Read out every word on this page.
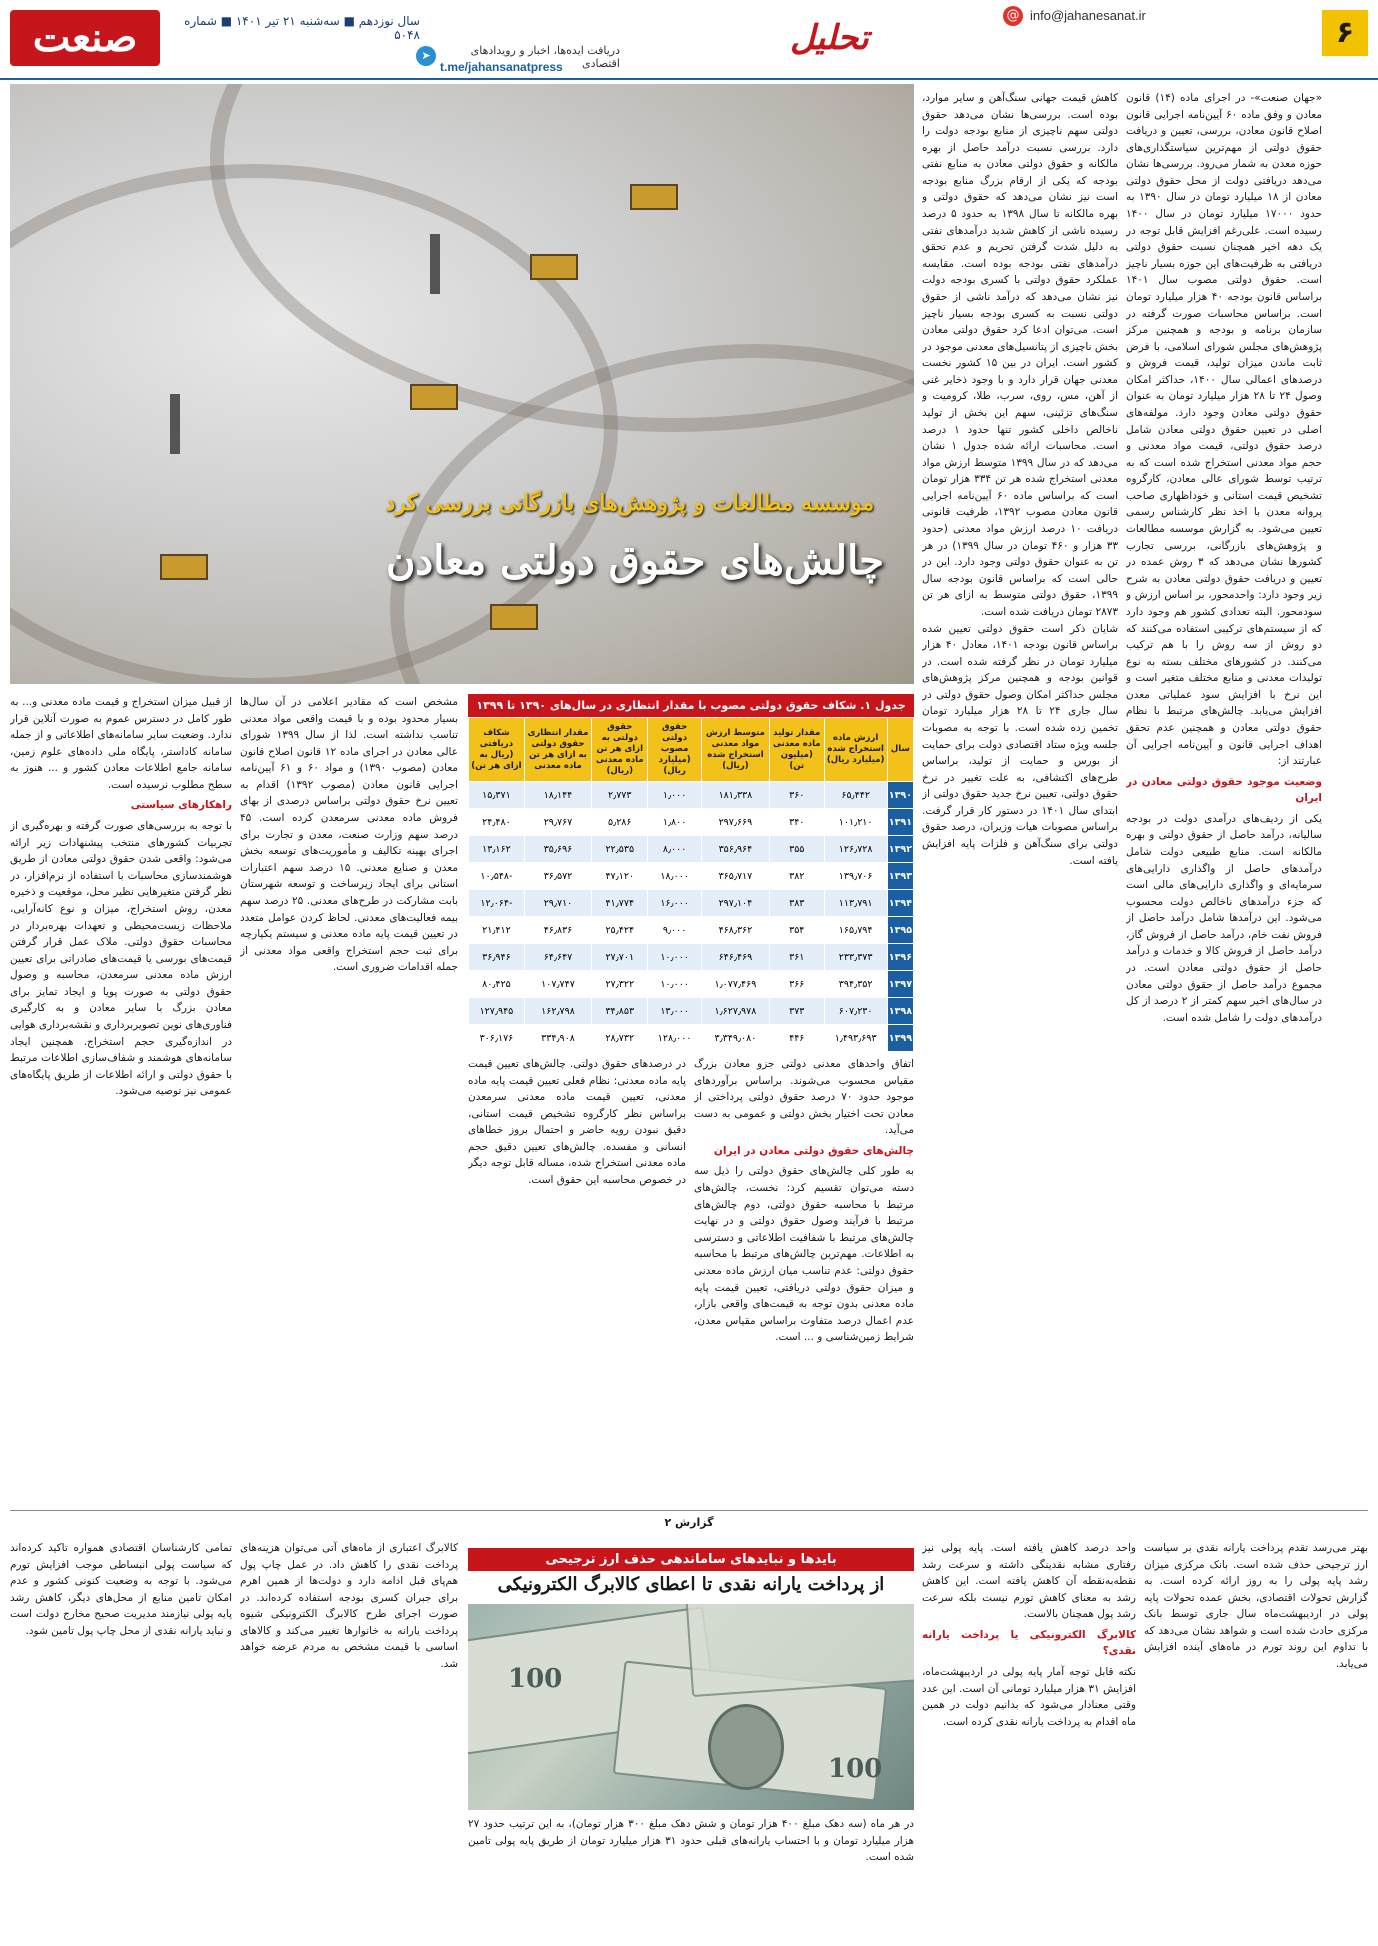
۶
@ info@jahanesanat.ir
تحلیل
➤	دریافت ایده‌ها، اخبار و رویدادهای اقتصادی
t.me/jahansanatpress
سال نوزدهم ■ سه‌شنبه ۲۱ تیر ۱۴۰۱ ■ شماره ۵۰۴۸
صنعت
موسسه مطالعات و پژوهش‌های بازرگانی بررسی کرد
چالش‌های حقوق دولتی معادن
«جهان صنعت»- در اجرای ماده (۱۴) قانون معادن و وفق ماده ۶۰ آیین‌نامه اجرایی قانون اصلاح قانون معادن، بررسی، تعیین و دریافت حقوق دولتی از مهم‌ترین سیاستگذاری‌های حوزه معدن به شمار می‌رود. بررسی‌ها نشان می‌دهد دریافتی دولت از محل حقوق دولتی معادن از ۱۸ میلیارد تومان در سال ۱۳۹۰ به حدود ۱۷۰۰۰ میلیارد تومان در سال ۱۴۰۰ رسیده است. علی‌رغم افزایش قابل توجه در یک دهه اخیر همچنان نسبت حقوق دولتی دریافتی به ظرفیت‌های این حوزه بسیار ناچیز است. حقوق دولتی مصوب سال ۱۴۰۱ براساس قانون بودجه ۴۰ هزار میلیارد تومان است. براساس محاسبات صورت گرفته در سازمان برنامه و بودجه و همچنین مرکز پژوهش‌های مجلس شورای اسلامی، با فرض ثابت ماندن میزان تولید، قیمت فروش و درصدهای اعمالی سال ۱۴۰۰، حداکثر امکان وصول ۲۴ تا ۲۸ هزار میلیارد تومان به عنوان حقوق دولتی معادن وجود دارد. مولفه‌های اصلی در تعیین حقوق دولتی معادن شامل درصد حقوق دولتی، قیمت مواد معدنی و حجم مواد معدنی استخراج شده است که به ترتیب توسط شورای عالی معادن، کارگروه تشخیص قیمت استانی و خوداظهاری صاحب پروانه معدن با اخذ نظر کارشناس رسمی تعیین می‌شود. به گزارش موسسه مطالعات و پژوهش‌های بازرگانی، بررسی تجارب کشورها نشان می‌دهد که ۳ روش عمده در تعیین و دریافت حقوق دولتی معادن به شرح زیر وجود دارد: واحدمحور، بر اساس ارزش و سودمحور. البته تعدادی کشور هم وجود دارد که از سیستم‌های ترکیبی استفاده می‌کنند که دو روش از سه روش را با هم ترکیب می‌کنند. در کشورهای مختلف بسته به نوع تولیدات معدنی و منابع مختلف متغیر است و این نرخ با افزایش سود عملیاتی معدن افزایش می‌یابد. چالش‌های مرتبط با نظام حقوق دولتی معادن و همچنین عدم تحقق اهداف اجرایی قانون و آیین‌نامه اجرایی آن عبارتند از:
وضعیت موجود حقوق دولتی معادن در ایران
یکی از ردیف‌های درآمدی دولت در بودجه سالیانه، درآمد حاصل از حقوق دولتی و بهره مالکانه است. منابع طبیعی دولت شامل درآمدهای حاصل از واگذاری دارایی‌های سرمایه‌ای و واگذاری دارایی‌های مالی است که جزء درآمدهای ناخالص دولت محسوب می‌شود. این درآمدها شامل درآمد حاصل از فروش نفت خام، درآمد حاصل از فروش گاز، درآمد حاصل از فروش کالا و خدمات و درآمد حاصل از حقوق دولتی معادن است. در مجموع درآمد حاصل از حقوق دولتی معادن در سال‌های اخیر سهم کمتر از ۲ درصد از کل درآمدهای دولت را شامل شده است.
کاهش قیمت جهانی سنگ‌آهن و سایر موارد، بوده است. بررسی‌ها نشان می‌دهد حقوق دولتی سهم ناچیزی از منابع بودجه دولت را دارد. بررسی نسبت درآمد حاصل از بهره مالکانه و حقوق دولتی معادن به منابع نفتی بودجه که یکی از ارقام بزرگ منابع بودجه است نیز نشان می‌دهد که حقوق دولتی و بهره مالکانه تا سال ۱۳۹۸ به حدود ۵ درصد رسیده ناشی از کاهش شدید درآمدهای نفتی به دلیل شدت گرفتن تحریم و عدم تحقق درآمدهای نفتی بودجه بوده است. مقایسه عملکرد حقوق دولتی با کسری بودجه دولت نیز نشان می‌دهد که درآمد ناشی از حقوق دولتی نسبت به کسری بودجه بسیار ناچیز است. می‌توان ادعا کرد حقوق دولتی معادن بخش ناچیزی از پتانسیل‌های معدنی موجود در کشور است. ایران در بین ۱۵ کشور نخست معدنی جهان قرار دارد و با وجود ذخایر غنی از آهن، مس، روی، سرب، طلا، کرومیت و سنگ‌های تزئینی، سهم این بخش از تولید ناخالص داخلی کشور تنها حدود ۱ درصد است. محاسبات ارائه شده جدول ۱ نشان می‌دهد که در سال ۱۳۹۹ متوسط ارزش مواد معدنی استخراج شده هر تن ۳۳۴ هزار تومان است که براساس ماده ۶۰ آیین‌نامه اجرایی قانون معادن مصوب ۱۳۹۲، ظرفیت قانونی دریافت ۱۰ درصد ارزش مواد معدنی (حدود ۳۳ هزار و ۴۶۰ تومان در سال ۱۳۹۹) در هر تن به عنوان حقوق دولتی وجود دارد. این در حالی است که براساس قانون بودجه سال ۱۳۹۹، حقوق دولتی متوسط به ازای هر تن ۲۸۷۳ تومان دریافت شده است.
شایان ذکر است حقوق دولتی تعیین شده براساس قانون بودجه ۱۴۰۱، معادل ۴۰ هزار میلیارد تومان در نظر گرفته شده است. در قوانین بودجه و همچنین مرکز پژوهش‌های مجلس حداکثر امکان وصول حقوق دولتی در سال جاری ۲۴ تا ۲۸ هزار میلیارد تومان تخمین زده شده است. با توجه به مصوبات جلسه ویژه ستاد اقتصادی دولت برای حمایت از بورس و حمایت از تولید، براساس طرح‌های اکتشافی، به علت تغییر در نرخ حقوق دولتی، تعیین نرخ جدید حقوق دولتی از ابتدای سال ۱۴۰۱ در دستور کار قرار گرفت. براساس مصوبات هیات وزیران، درصد حقوق دولتی برای سنگ‌آهن و فلزات پایه افزایش یافته است.
جدول ۱. شکاف حقوق دولتی مصوب با مقدار انتظاری در سال‌های ۱۳۹۰ تا ۱۳۹۹
سال	ارزش ماده استخراج شده (میلیارد ریال)	مقدار تولید ماده معدنی (میلیون تن)	متوسط ارزش مواد معدنی استخراج شده (ریال)	حقوق دولتی مصوب (میلیارد ریال)	حقوق دولتی به ازای هر تن ماده معدنی (ریال)	مقدار انتظاری حقوق دولتی به ازای هر تن ماده معدنی	شکاف دریافتی (ریال به ازای هر تن)
۱۳۹۰	۶۵٫۴۴۲	۳۶۰	۱۸۱٫۳۳۸	۱٫۰۰۰	۲٫۷۷۳	۱۸٫۱۴۴	۱۵٫۳۷۱
۱۳۹۱	۱۰۱٫۲۱۰	۳۴۰	۲۹۷٫۶۶۹	۱٫۸۰۰	۵٫۲۸۶	۲۹٫۷۶۷	۲۴٫۴۸۰
۱۳۹۲	۱۲۶٫۷۲۸	۳۵۵	۳۵۶٫۹۶۴	۸٫۰۰۰	۲۲٫۵۳۵	۳۵٫۶۹۶	۱۳٫۱۶۲
۱۳۹۳	۱۳۹٫۷۰۶	۳۸۲	۳۶۵٫۷۱۷	۱۸٫۰۰۰	۴۷٫۱۲۰	۳۶٫۵۷۲	-۱۰٫۵۴۸
۱۳۹۴	۱۱۳٫۷۹۱	۳۸۳	۲۹۷٫۱۰۴	۱۶٫۰۰۰	۴۱٫۷۷۴	۲۹٫۷۱۰	-۱۲٫۰۶۴
۱۳۹۵	۱۶۵٫۷۹۴	۳۵۴	۴۶۸٫۳۶۲	۹٫۰۰۰	۲۵٫۴۲۴	۴۶٫۸۳۶	۲۱٫۴۱۲
۱۳۹۶	۲۳۳٫۳۷۳	۳۶۱	۶۴۶٫۴۶۹	۱۰٫۰۰۰	۲۷٫۷۰۱	۶۴٫۶۴۷	۳۶٫۹۴۶
۱۳۹۷	۳۹۴٫۳۵۲	۳۶۶	۱٫۰۷۷٫۴۶۹	۱۰٫۰۰۰	۲۷٫۳۲۲	۱۰۷٫۷۴۷	۸۰٫۴۲۵
۱۳۹۸	۶۰۷٫۲۳۰	۳۷۳	۱٫۶۲۷٫۹۷۸	۱۳٫۰۰۰	۳۴٫۸۵۳	۱۶۲٫۷۹۸	۱۲۷٫۹۴۵
۱۳۹۹	۱٫۴۹۳٫۶۹۳	۴۴۶	۳٫۳۴۹٫۰۸۰	۱۲۸٫۰۰۰	۲۸٫۷۳۲	۳۳۴٫۹۰۸	۳۰۶٫۱۷۶
اتفاق واحدهای معدنی دولتی جزو معادن بزرگ مقیاس محسوب می‌شوند. براساس برآوردهای موجود حدود ۷۰ درصد حقوق دولتی پرداختی از معادن تحت اختیار بخش دولتی و عمومی به دست می‌آید.
چالش‌های حقوق دولتی معادن در ایران
به طور کلی چالش‌های حقوق دولتی را ذیل سه دسته می‌توان تقسیم کرد: نخست، چالش‌های مرتبط با محاسبه حقوق دولتی، دوم چالش‌های مرتبط با فرآیند وصول حقوق دولتی و در نهایت چالش‌های مرتبط با شفافیت اطلاعاتی و دسترسی به اطلاعات. مهم‌ترین چالش‌های مرتبط با محاسبه حقوق دولتی: عدم تناسب میان ارزش ماده معدنی و میزان حقوق دولتی دریافتی، تعیین قیمت پایه ماده معدنی بدون توجه به قیمت‌های واقعی بازار، عدم اعمال درصد متفاوت براساس مقیاس معدن، شرایط زمین‌شناسی و ... است.
در درصدهای حقوق دولتی. چالش‌های تعیین قیمت پایه ماده معدنی: نظام فعلی تعیین قیمت پایه ماده معدنی، تعیین قیمت ماده معدنی سرمعدن براساس نظر کارگروه تشخیص قیمت استانی، دقیق نبودن رویه حاضر و احتمال بروز خطاهای انسانی و مفسده. چالش‌های تعیین دقیق حجم ماده معدنی استخراج شده، مساله قابل توجه دیگر در خصوص محاسبه این حقوق است.
مشخص است که مقادیر اعلامی در آن سال‌ها بسیار محدود بوده و با قیمت واقعی مواد معدنی تناسب نداشته است. لذا از سال ۱۳۹۹ شورای عالی معادن در اجرای ماده ۱۲ قانون اصلاح قانون معادن (مصوب ۱۳۹۰) و مواد ۶۰ و ۶۱ آیین‌نامه اجرایی قانون معادن (مصوب ۱۳۹۲) اقدام به تعیین نرخ حقوق دولتی براساس درصدی از بهای فروش ماده معدنی سرمعدن کرده است. ۴۵ درصد سهم وزارت صنعت، معدن و تجارت برای اجرای بهینه تکالیف و مأموریت‌های توسعه بخش معدن و صنایع معدنی. ۱۵ درصد سهم اعتبارات استانی برای ایجاد زیرساخت و توسعه شهرستان بابت مشارکت در طرح‌های معدنی. ۲۵ درصد سهم بیمه فعالیت‌های معدنی. لحاظ کردن عوامل متعدد در تعیین قیمت پایه ماده معدنی و سیستم یکپارچه برای ثبت حجم استخراج واقعی مواد معدنی از جمله اقدامات ضروری است.
از قبیل میزان استخراج و قیمت ماده معدنی و... به طور کامل در دسترس عموم به صورت آنلاین قرار ندارد. وضعیت سایر سامانه‌های اطلاعاتی و از جمله سامانه کاداستر، پایگاه ملی داده‌های علوم زمین، سامانه جامع اطلاعات معادن کشور و ... هنوز به سطح مطلوب نرسیده است.
راهکارهای سیاستی
با توجه به بررسی‌های صورت گرفته و بهره‌گیری از تجربیات کشورهای منتخب پیشنهادات زیر ارائه می‌شود: واقعی شدن حقوق دولتی معادن از طریق هوشمندسازی محاسبات با استفاده از نرم‌افزار، در نظر گرفتن متغیرهایی نظیر محل، موقعیت و ذخیره معدن، روش استخراج، میزان و نوع کانه‌آرایی، ملاحظات زیست‌محیطی و تعهدات بهره‌بردار در محاسبات حقوق دولتی. ملاک عمل قرار گرفتن قیمت‌های بورسی یا قیمت‌های صادراتی برای تعیین ارزش ماده معدنی سرمعدن، محاسبه و وصول حقوق دولتی به صورت پویا و ایجاد تمایز برای معادن بزرگ با سایر معادن و به کارگیری فناوری‌های نوین تصویربرداری و نقشه‌برداری هوایی در اندازه‌گیری حجم استخراج. همچنین ایجاد سامانه‌های هوشمند و شفاف‌سازی اطلاعات مرتبط با حقوق دولتی و ارائه اطلاعات از طریق پایگاه‌های عمومی نیز توصیه می‌شود.
گزارش ۲
بهتر می‌رسد تقدم پرداخت یارانه نقدی بر سیاست ارز ترجیحی حذف شده است. بانک مرکزی میزان رشد پایه پولی را به روز ارائه کرده است. به گزارش تحولات اقتصادی، بخش عمده تحولات پایه پولی در اردیبهشت‌ماه سال جاری توسط بانک مرکزی حادث شده است و شواهد نشان می‌دهد که با تداوم این روند تورم در ماه‌های آینده افزایش می‌یابد.
واحد درصد کاهش یافته است. پایه پولی نیز رفتاری مشابه نقدینگی داشته و سرعت رشد نقطه‌به‌نقطه آن کاهش یافته است. این کاهش رشد به معنای کاهش تورم نیست بلکه سرعت رشد پول همچنان بالاست.
کالابرگ الکترونیکی یا پرداخت یارانه نقدی؟
نکته قابل توجه آمار پایه پولی در اردیبهشت‌ماه، افزایش ۳۱ هزار میلیارد تومانی آن است. این عدد وقتی معنادار می‌شود که بدانیم دولت در همین ماه اقدام به پرداخت یارانه نقدی کرده است.
بایدها و نبایدهای ساماندهی حذف ارز ترجیحی
از پرداخت یارانه نقدی تا اعطای کالابرگ الکترونیکی
100
100
در هر ماه (سه دهک مبلغ ۴۰۰ هزار تومان و شش دهک مبلغ ۳۰۰ هزار تومان)، به این ترتیب حدود ۲۷ هزار میلیارد تومان و با احتساب یارانه‌های قبلی حدود ۳۱ هزار میلیارد تومان از طریق پایه پولی تامین شده است.
کالابرگ اعتباری از ماه‌های آتی می‌توان هزینه‌های پرداخت نقدی را کاهش داد. در عمل چاپ پول هم‌پای قبل ادامه دارد و دولت‌ها از همین اهرم برای جبران کسری بودجه استفاده کرده‌اند. در صورت اجرای طرح کالابرگ الکترونیکی شیوه پرداخت یارانه به خانوارها تغییر می‌کند و کالاهای اساسی با قیمت مشخص به مردم عرضه خواهد شد.
تمامی کارشناسان اقتصادی همواره تاکید کرده‌اند که سیاست پولی انبساطی موجب افزایش تورم می‌شود. با توجه به وضعیت کنونی کشور و عدم امکان تامین منابع از محل‌های دیگر، کاهش رشد پایه پولی نیازمند مدیریت صحیح مخارج دولت است و نباید یارانه نقدی از محل چاپ پول تامین شود.
